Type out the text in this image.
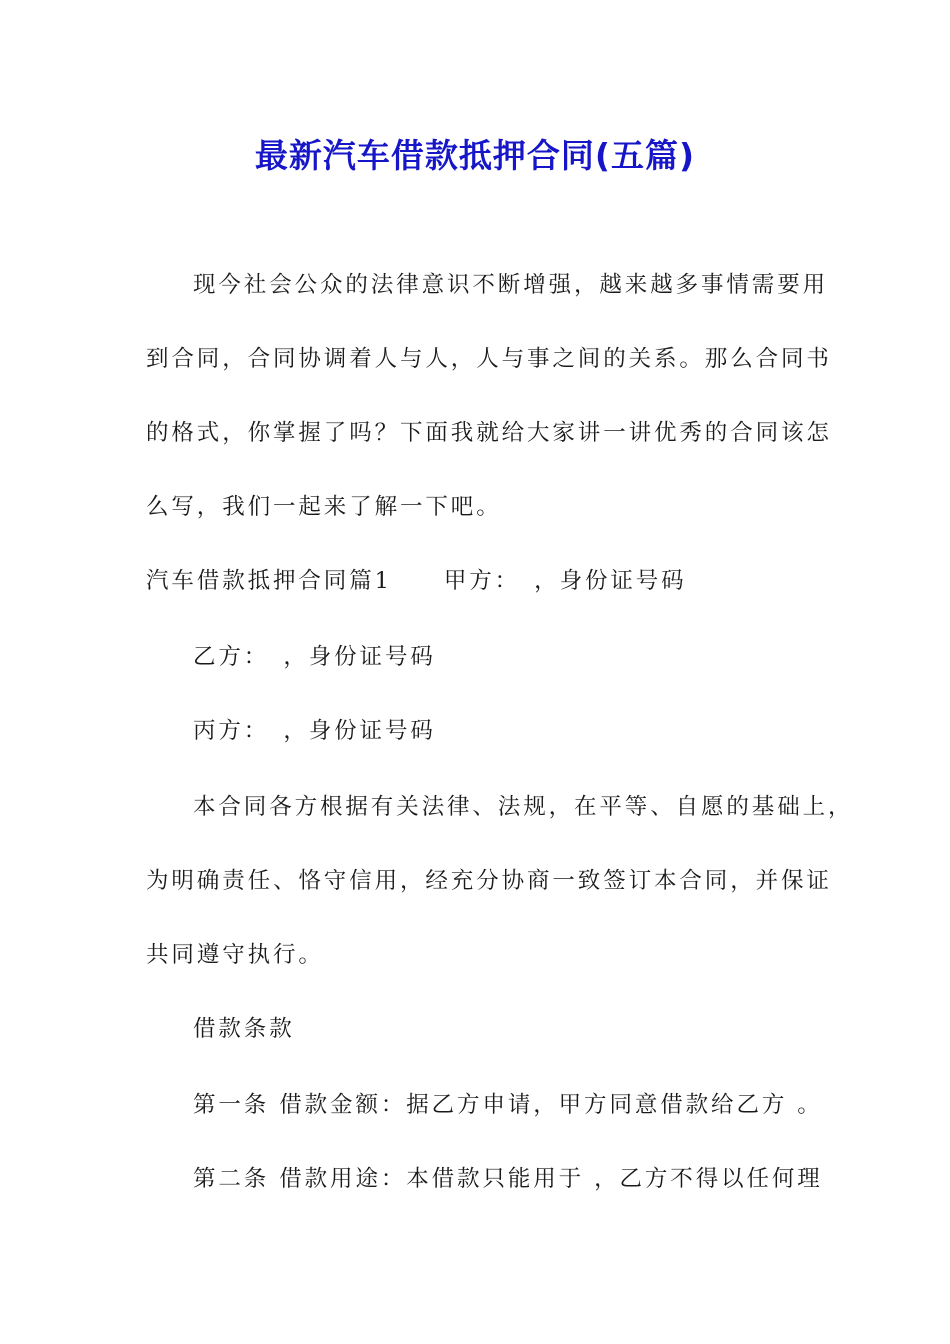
最新汽车借款抵押合同(五篇)
现今社会公众的法律意识不断增强，越来越多事情需要用
到合同，合同协调着人与人，人与事之间的关系。那么合同书
的格式，你掌握了吗？下面我就给大家讲一讲优秀的合同该怎
么写，我们一起来了解一下吧。
汽车借款抵押合同篇1 甲方：　，身份证号码
乙方：　，身份证号码
丙方：　，身份证号码
本合同各方根据有关法律、法规，在平等、自愿的基础上，
为明确责任、恪守信用，经充分协商一致签订本合同，并保证
共同遵守执行。
借款条款
第一条 借款金额：据乙方申请，甲方同意借款给乙方 。
第二条 借款用途：本借款只能用于 ，乙方不得以任何理
